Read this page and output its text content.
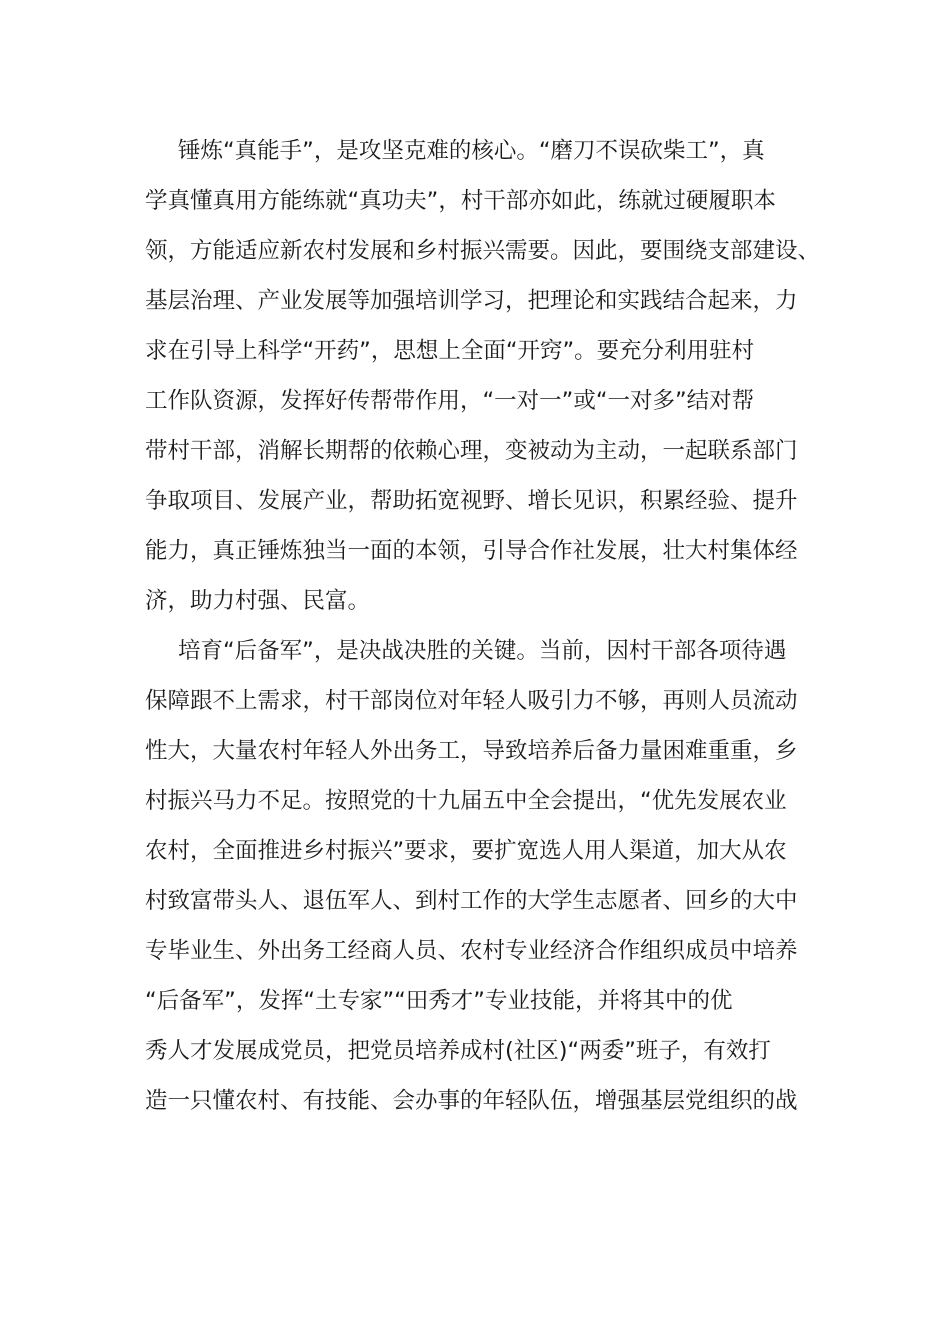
锤炼“真能手”，是攻坚克难的核心。“磨刀不误砍柴工”，真
学真懂真用方能练就“真功夫”，村干部亦如此，练就过硬履职本
领，方能适应新农村发展和乡村振兴需要。因此，要围绕支部建设、
基层治理、产业发展等加强培训学习，把理论和实践结合起来，力
求在引导上科学“开药”，思想上全面“开窍”。要充分利用驻村
工作队资源，发挥好传帮带作用，“一对一”或“一对多”结对帮
带村干部，消解长期帮的依赖心理，变被动为主动，一起联系部门
争取项目、发展产业，帮助拓宽视野、增长见识，积累经验、提升
能力，真正锤炼独当一面的本领，引导合作社发展，壮大村集体经
济，助力村强、民富。
培育“后备军”，是决战决胜的关键。当前，因村干部各项待遇
保障跟不上需求，村干部岗位对年轻人吸引力不够，再则人员流动
性大，大量农村年轻人外出务工，导致培养后备力量困难重重，乡
村振兴马力不足。按照党的十九届五中全会提出，“优先发展农业
农村，全面推进乡村振兴”要求，要扩宽选人用人渠道，加大从农
村致富带头人、退伍军人、到村工作的大学生志愿者、回乡的大中
专毕业生、外出务工经商人员、农村专业经济合作组织成员中培养
“后备军”，发挥“土专家”“田秀才”专业技能，并将其中的优
秀人才发展成党员，把党员培养成村(社区)“两委”班子，有效打
造一只懂农村、有技能、会办事的年轻队伍，增强基层党组织的战
